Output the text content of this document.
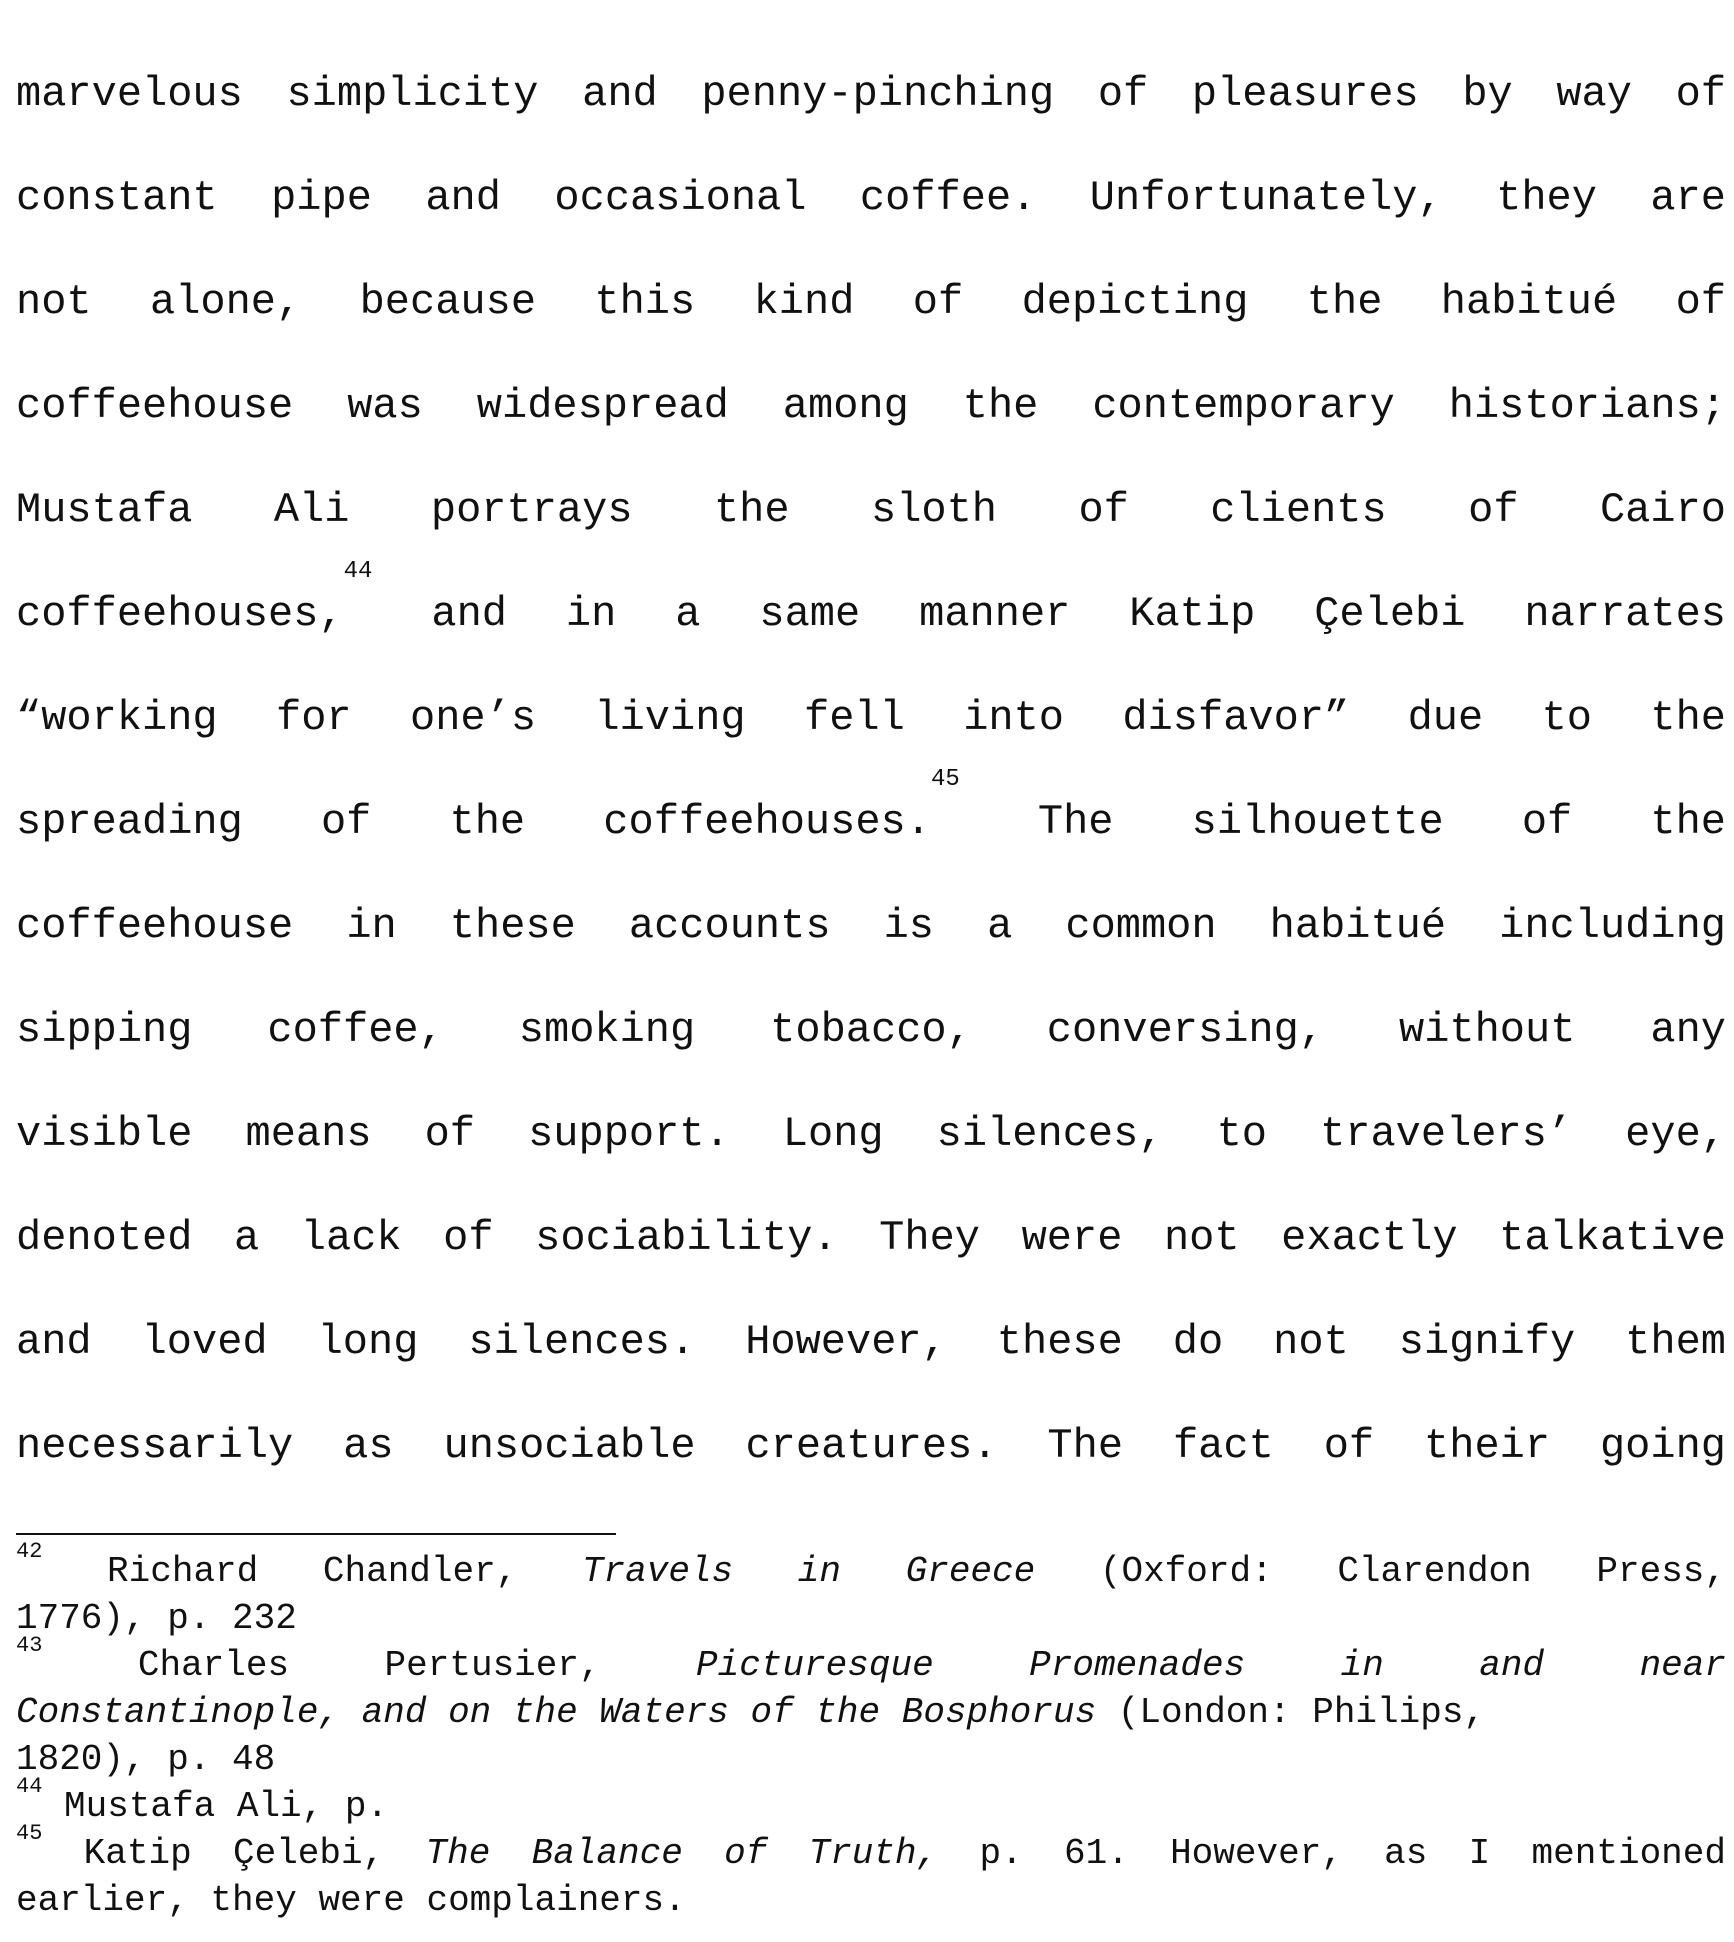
marvelous simplicity and penny-pinching of pleasures by way of
constant pipe and occasional coffee. Unfortunately, they are
not alone, because this kind of depicting the habitué of
coffeehouse was widespread among the contemporary historians;
Mustafa Ali portrays the sloth of clients of Cairo
coffeehouses,$^{44}$ and in a same manner Katip Çelebi narrates
“working for one’s living fell into disfavor” due to the
spreading of the coffeehouses.$^{45}$ The silhouette of the
coffeehouse in these accounts is a common habitué including
sipping coffee, smoking tobacco, conversing, without any
visible means of support. Long silences, to travelers’ eye,
denoted a lack of sociability. They were not exactly talkative
and loved long silences. However, these do not signify them
necessarily as unsociable creatures. The fact of their going
$^{42}$ Richard Chandler, Travels in Greece (Oxford: Clarendon Press,
1776), p. 232
$^{43}$ Charles Pertusier, Picturesque Promenades in and near
Constantinople, and on the Waters of the Bosphorus (London: Philips,
1820), p. 48
$^{44}$ Mustafa Ali, p.
$^{45}$ Katip Çelebi, The Balance of Truth, p. 61. However, as I mentioned
earlier, they were complainers.
